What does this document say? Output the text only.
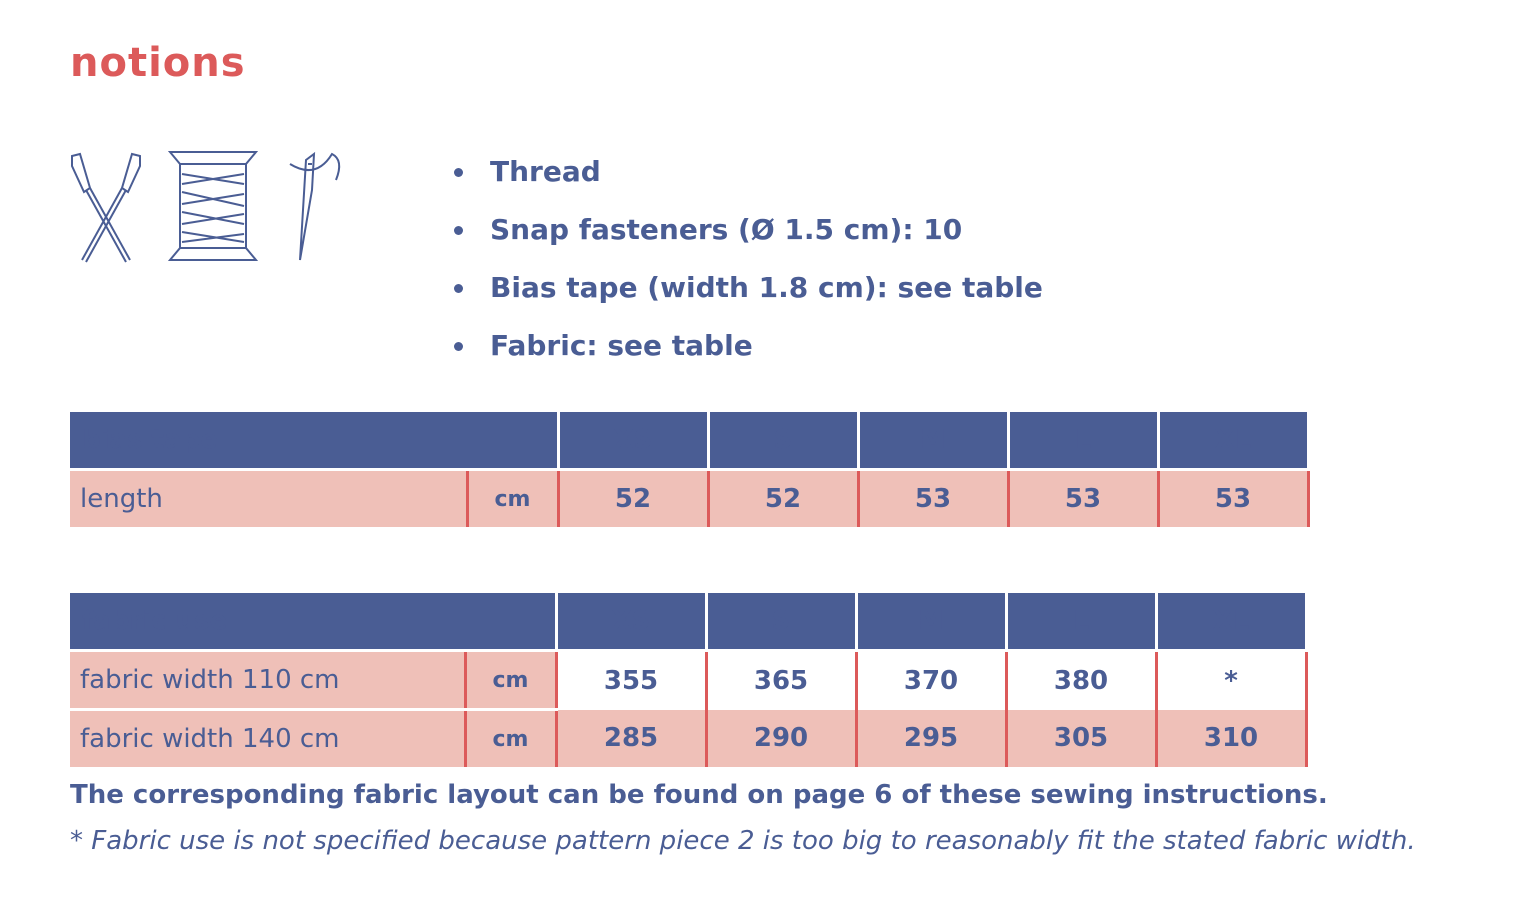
notions
Thread
Snap fasteners (Ø 1.5 cm): 10
Bias tape (width 1.8 cm): see table
Fabric: see table
bias tape		XS	S	M	L	XL
length	cm	52	52	53	53	53
fabric use		XS	S	M	L	XL
fabric width 110 cm	cm	355	365	370	380	*
fabric width 140 cm	cm	285	290	295	305	310
The corresponding fabric layout can be found on page 6 of these sewing instructions.
* Fabric use is not specified because pattern piece 2 is too big to reasonably fit the stated fabric width.
